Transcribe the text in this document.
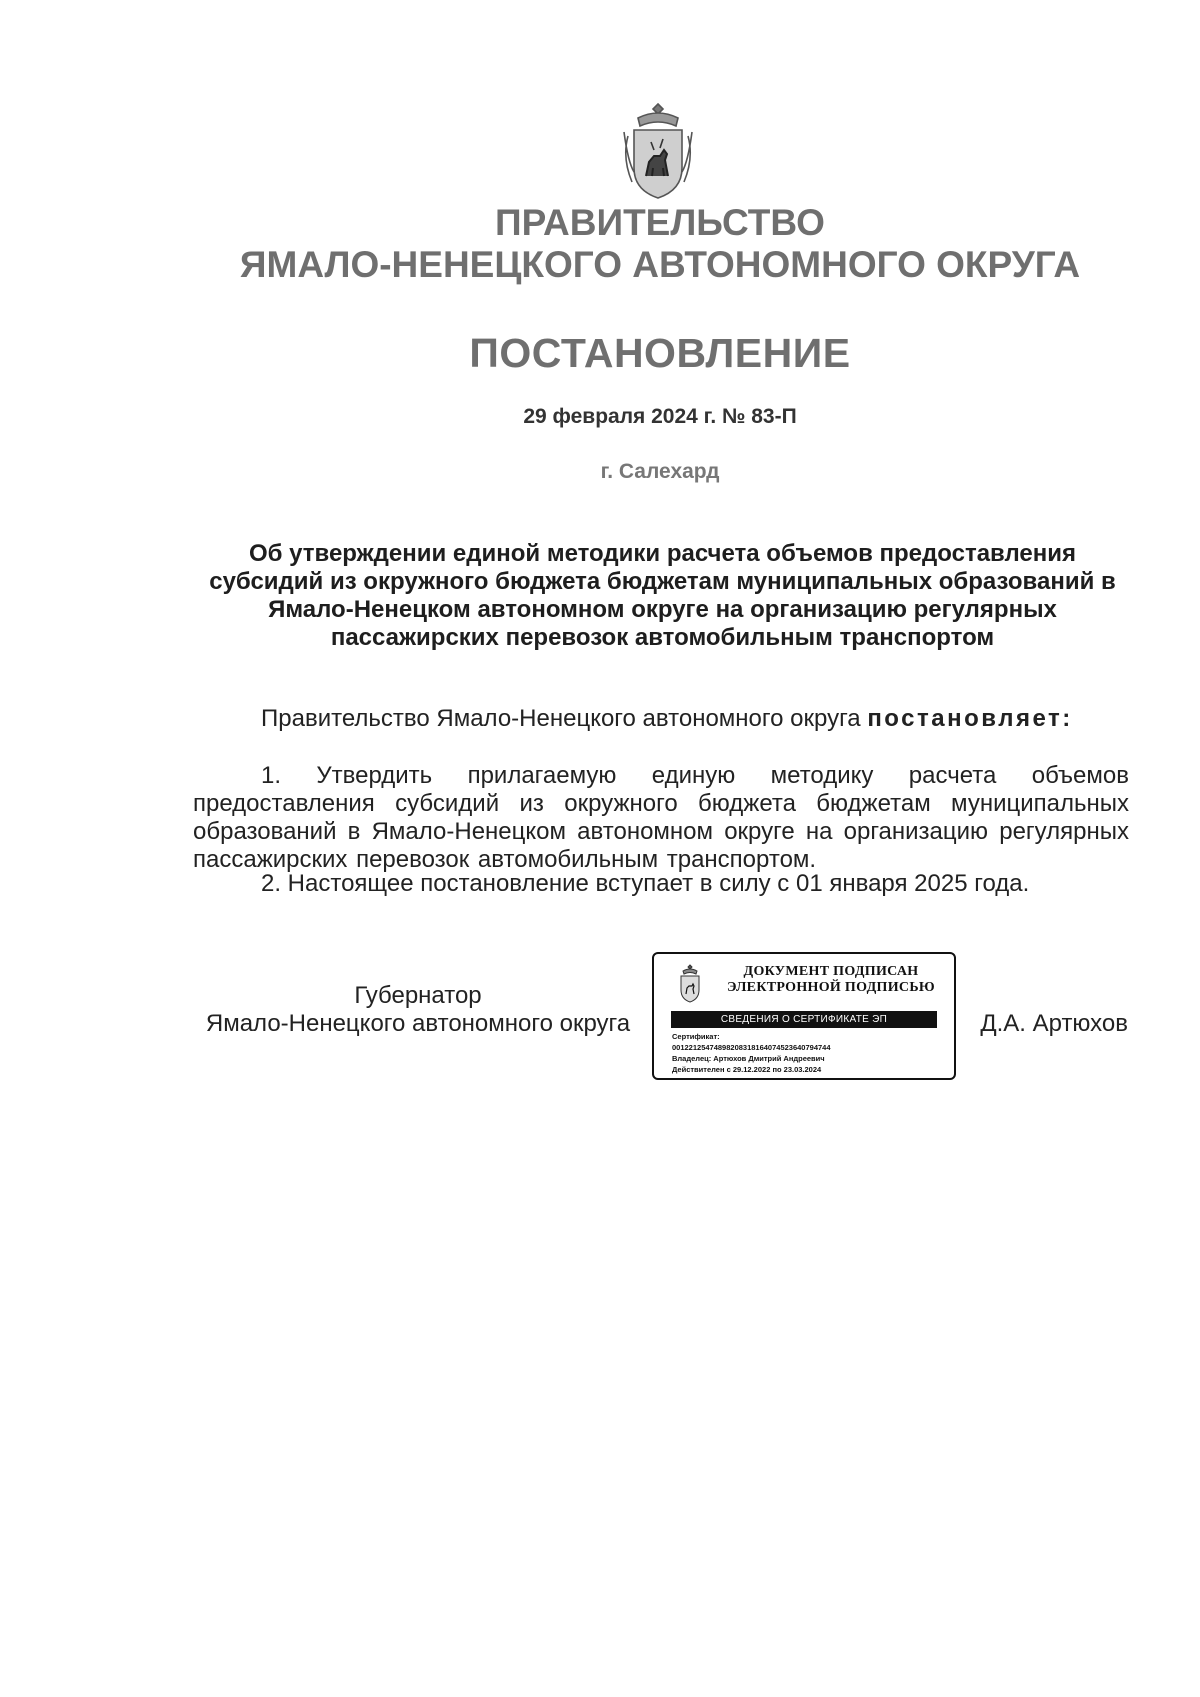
ПРАВИТЕЛЬСТВО
ЯМАЛО-НЕНЕЦКОГО АВТОНОМНОГО ОКРУГА
ПОСТАНОВЛЕНИЕ
29 февраля 2024 г. № 83-П
г. Салехард

Об утверждении единой методики расчета объемов предоставления субсидий из окружного бюджета бюджетам муниципальных образований в Ямало-Ненецком автономном округе на организацию регулярных пассажирских перевозок автомобильным транспортом

Правительство Ямало-Ненецкого автономного округа постановляет:
1. Утвердить прилагаемую единую методику расчета объемов предоставления субсидий из окружного бюджета бюджетам муниципальных образований в Ямало-Ненецком автономном округе на организацию регулярных пассажирских перевозок автомобильным транспортом.
2. Настоящее постановление вступает в силу с 01 января 2025 года.
Губернатор
Ямало-Ненецкого автономного округа
ДОКУМЕНТ ПОДПИСАН
ЭЛЕКТРОННОЙ ПОДПИСЬЮ
СВЕДЕНИЯ О СЕРТИФИКАТЕ ЭП
Сертификат:
00122125474898208318164074523640794744
Владелец: Артюхов Дмитрий Андреевич
Действителен с 29.12.2022 по 23.03.2024
Д.А. Артюхов
